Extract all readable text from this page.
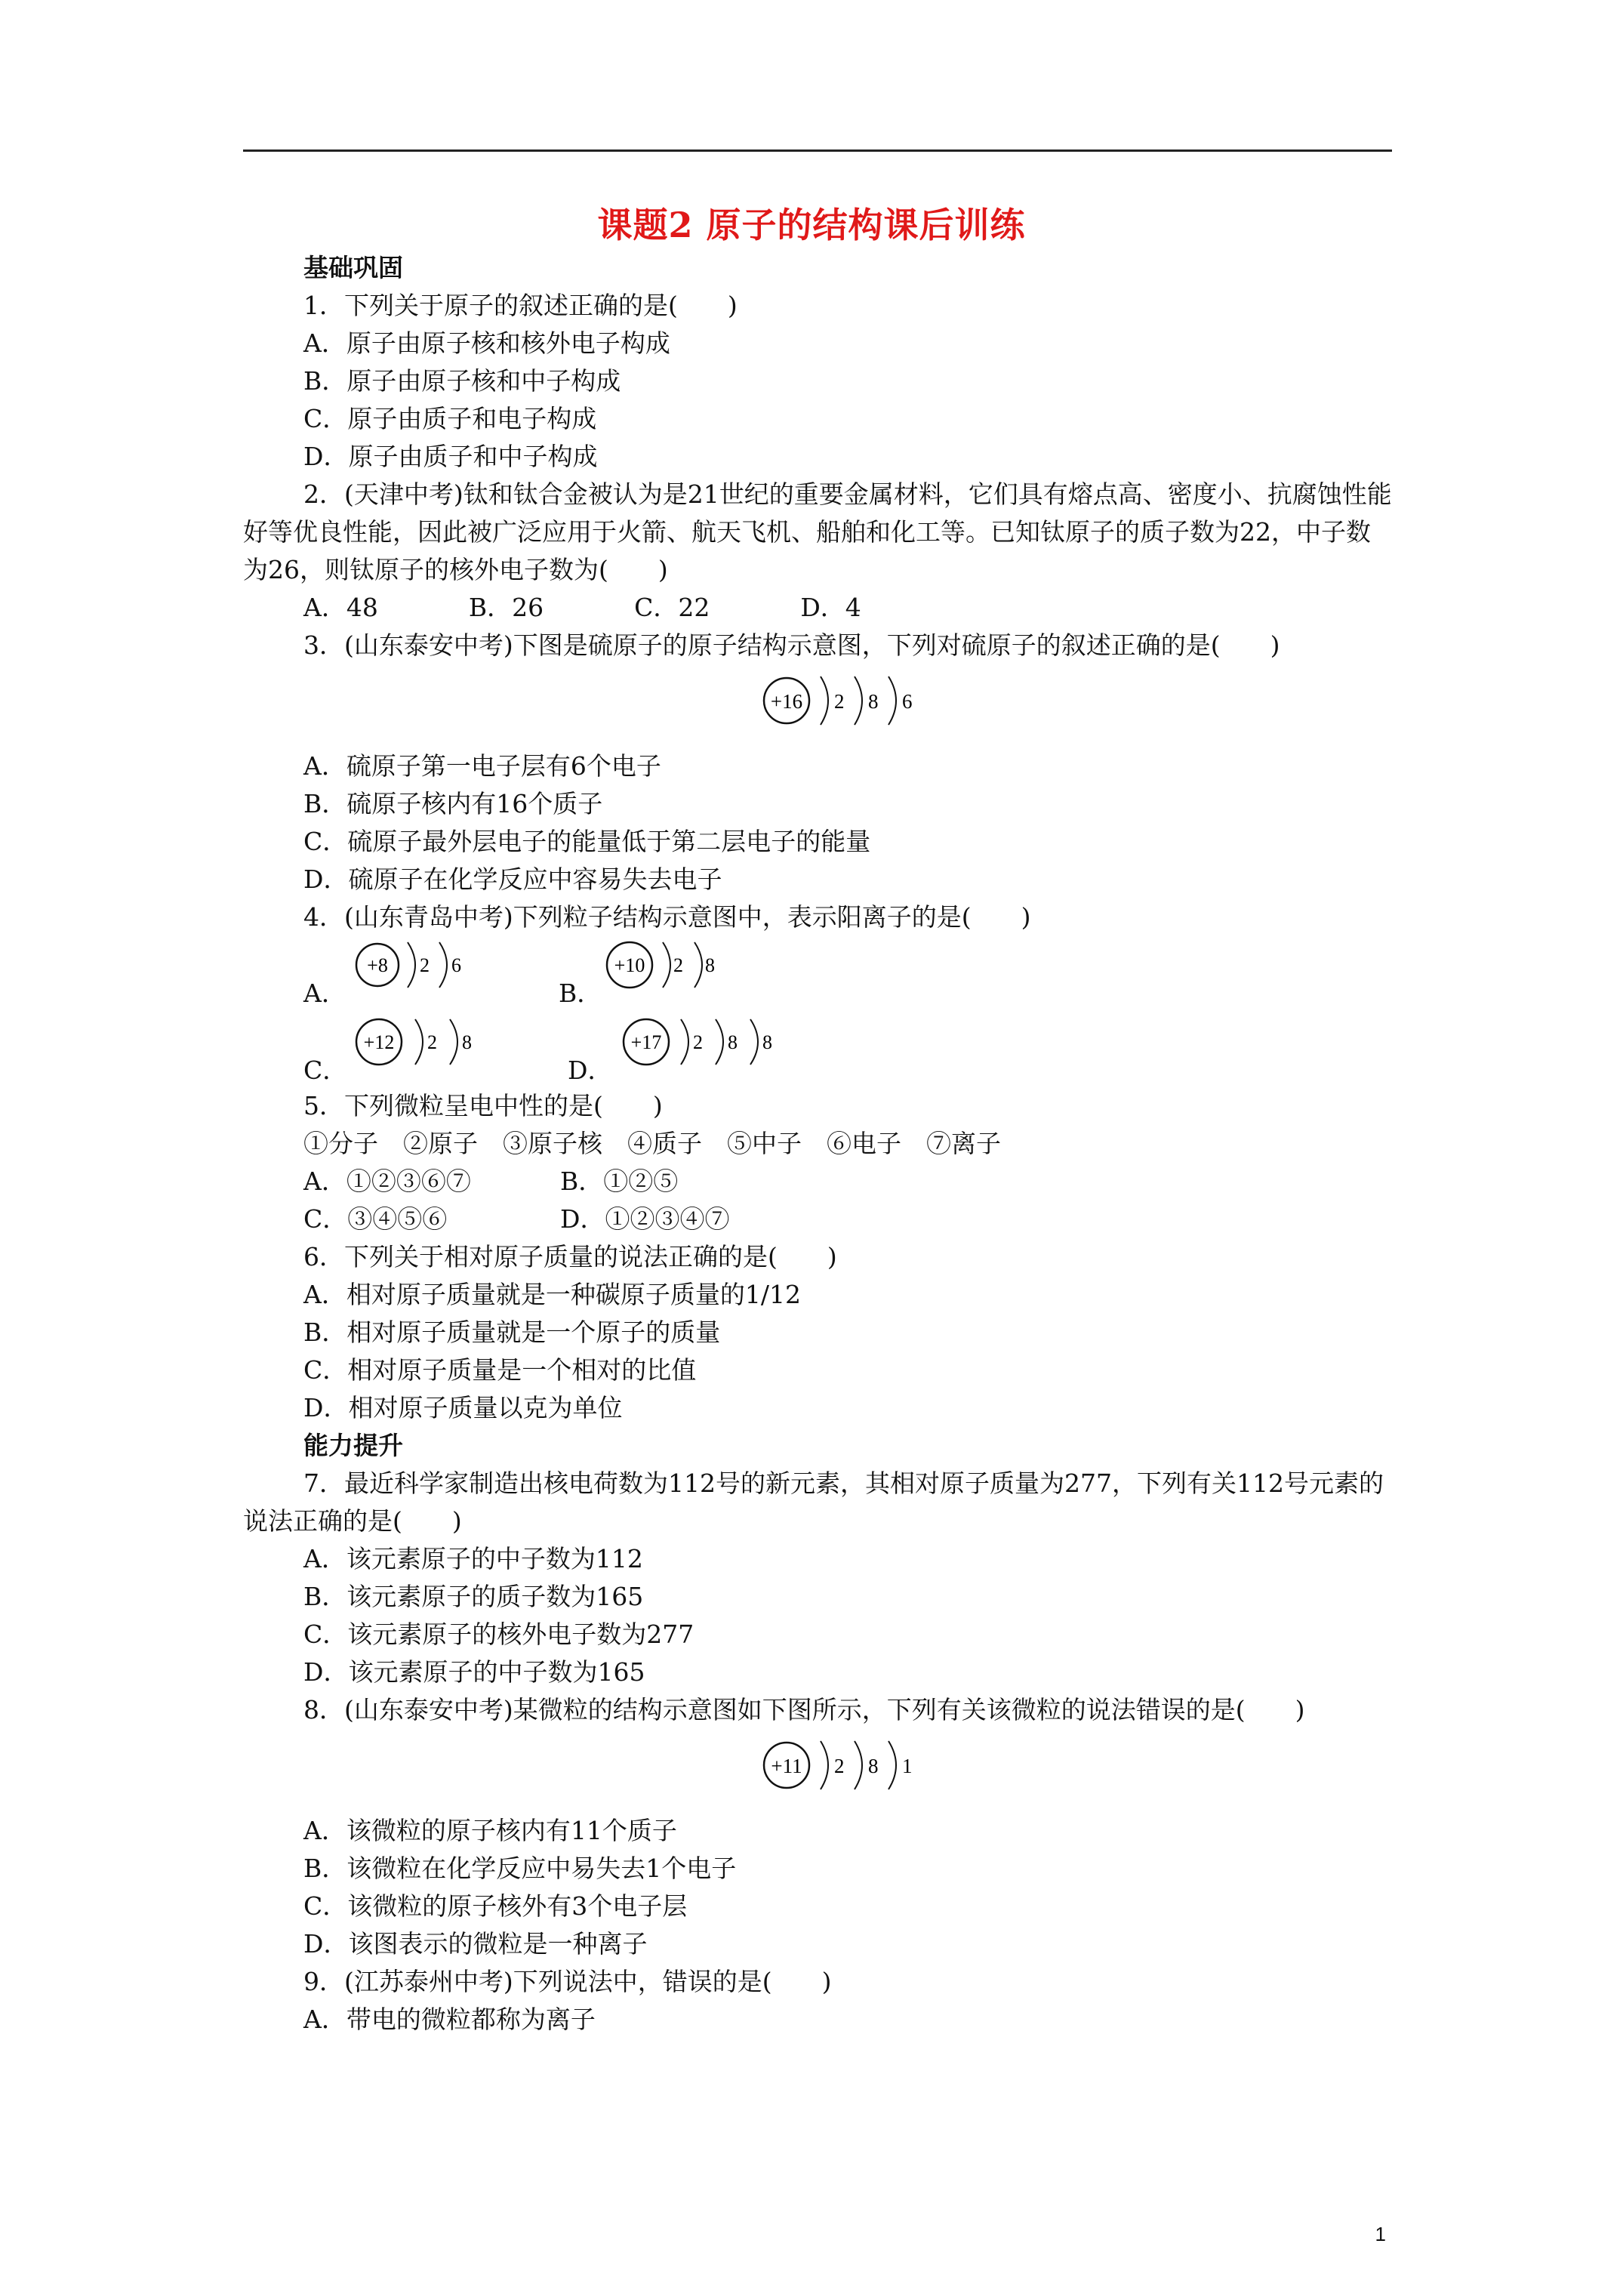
课题2 原子的结构课后训练
基础巩固
1．下列关于原子的叙述正确的是(　　)
A．原子由原子核和核外电子构成
B．原子由原子核和中子构成
C．原子由质子和电子构成
D．原子由质子和中子构成
2．(天津中考)钛和钛合金被认为是21世纪的重要金属材料，它们具有熔点高、密度小、抗腐蚀性能好等优良性能，因此被广泛应用于火箭、航天飞机、船舶和化工等。已知钛原子的质子数为22，中子数为26，则钛原子的核外电子数为(　　)
A．48	B．26	C．22	D．4
3．(山东泰安中考)下图是硫原子的原子结构示意图，下列对硫原子的叙述正确的是(　　)
+16 2 8 6
A．硫原子第一电子层有6个电子
B．硫原子核内有16个质子
C．硫原子最外层电子的能量低于第二层电子的能量
D．硫原子在化学反应中容易失去电子
4．(山东青岛中考)下列粒子结构示意图中，表示阳离子的是(　　)
A．
+8 2 6
B．
+10 2 8
C．
+12 2 8
D．
+17 2 8 8
5．下列微粒呈电中性的是(　　)
①分子　②原子　③原子核　④质子　⑤中子　⑥电子　⑦离子
A．①②③⑥⑦	B．①②⑤
C．③④⑤⑥	D．①②③④⑦
6．下列关于相对原子质量的说法正确的是(　　)
A．相对原子质量就是一种碳原子质量的1/12
B．相对原子质量就是一个原子的质量
C．相对原子质量是一个相对的比值
D．相对原子质量以克为单位
能力提升
7．最近科学家制造出核电荷数为112号的新元素，其相对原子质量为277，下列有关112号元素的说法正确的是(　　)
A．该元素原子的中子数为112
B．该元素原子的质子数为165
C．该元素原子的核外电子数为277
D．该元素原子的中子数为165
8．(山东泰安中考)某微粒的结构示意图如下图所示，下列有关该微粒的说法错误的是(　　)
+11 2 8 1
A．该微粒的原子核内有11个质子
B．该微粒在化学反应中易失去1个电子
C．该微粒的原子核外有3个电子层
D．该图表示的微粒是一种离子
9．(江苏泰州中考)下列说法中，错误的是(　　)
A．带电的微粒都称为离子
1
